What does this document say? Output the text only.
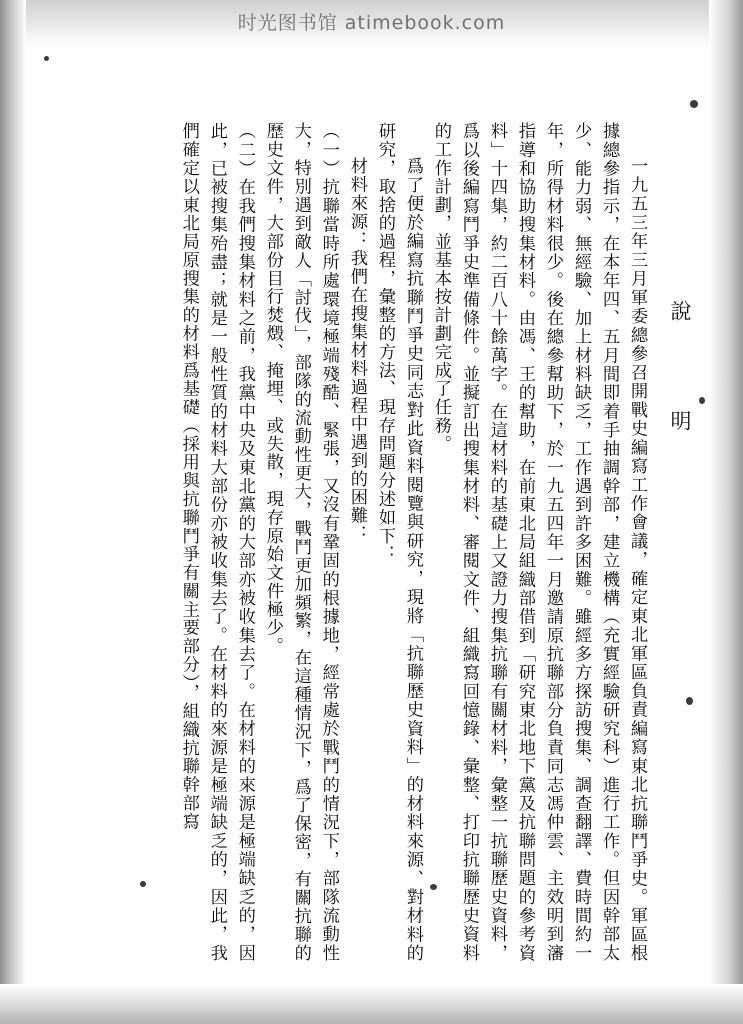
时光图书馆 atimebook.com
說　明

一九五三年三月軍委總參召開戰史編寫工作會議，確定東北軍區負責編寫東北抗聯鬥爭史。軍區根據總參指示，在本年四、五月間即着手抽調幹部，建立機構（充實經驗研究科）進行工作。但因幹部太少、能力弱、無經驗、加上材料缺乏，工作遇到許多困難。雖經多方探訪搜集、調查翻譯、費時間約一年，所得材料很少。後在總參幫助下，於一九五四年一月邀請原抗聯部分負責同志馮仲雲、主效明到瀋指導和協助搜集材料。由馮、王的幫助，在前東北局組織部借到「研究東北地下黨及抗聯問題的參考資料」十四集，約二百八十餘萬字。在這材料的基礎上又證力搜集抗聯有關材料，彙整一抗聯歷史資料，爲以後編寫鬥爭史準備條件。並擬訂出搜集材料、審閱文件、組織寫回憶錄、彙整、打印抗聯歷史資料的工作計劃，並基本按計劃完成了任務。

爲了便於編寫抗聯鬥爭史同志對此資料閱覽與研究，現將「抗聯歷史資料」的材料來源、對材料的研究，取捨的過程，彙整的方法、現存問題分述如下：

材料來源：我們在搜集材料過程中遇到的困難：

（一）抗聯當時所處環境極端殘酷、緊張，又沒有鞏固的根據地，經常處於戰鬥的情況下，部隊流動性大，特別遇到敵人「討伐」，部隊的流動性更大，戰鬥更加頻繁，在這種情況下，爲了保密，有關抗聯的歷史文件，大部份目行焚燬、掩埋、或失散，現存原始文件極少。

（二）在我們搜集材料之前，我黨中央及東北黨的大部亦被收集去了。在材料的來源是極端缺乏的，因此，已被搜集殆盡；就是一般性質的材料大部份亦被收集去了。在材料的來源是極端缺乏的，因此，我們確定以東北局原搜集的材料爲基礎（採用與抗聯鬥爭有關主要部分），組織抗聯幹部寫
